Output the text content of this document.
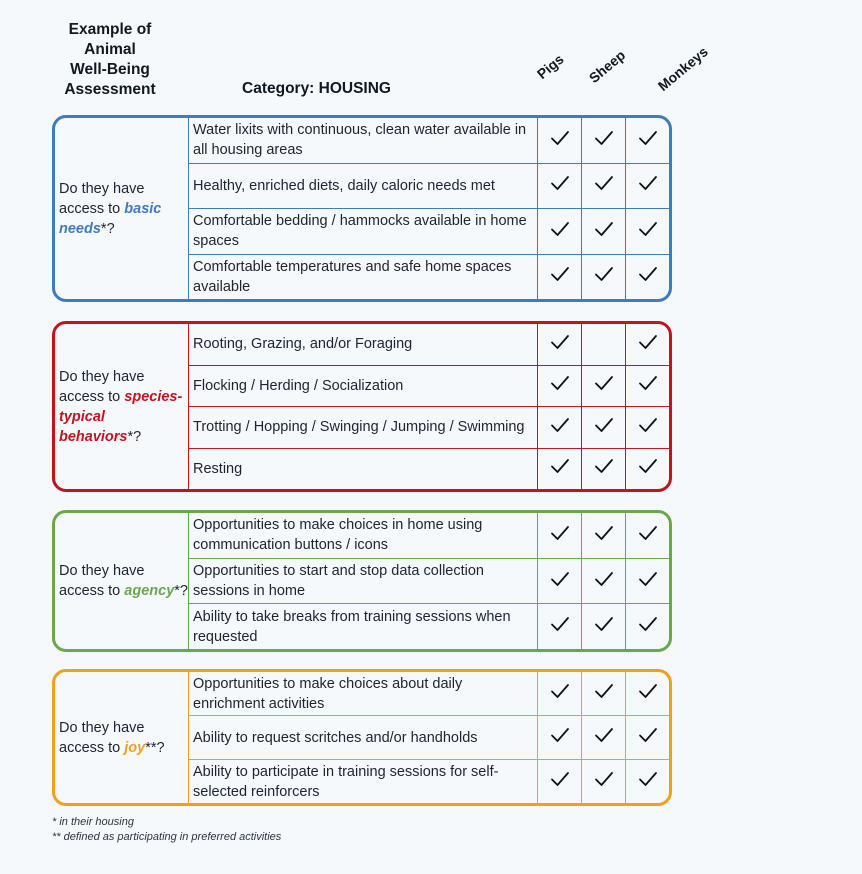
Example of
Animal
Well-Being
Assessment	Category: HOUSING
Pigs Sheep Monkeys
Do they have access to basic needs*?
Water lixits with continuous, clean water available in all housing areas
Healthy, enriched diets, daily caloric needs met
Comfortable bedding / hammocks available in home spaces
Comfortable temperatures and safe home spaces available
Do they have access to species-typical behaviors*?
Rooting, Grazing, and/or Foraging
Flocking / Herding / Socialization
Trotting / Hopping / Swinging / Jumping / Swimming
Resting
Do they have access to agency*?
Opportunities to make choices in home using communication buttons / icons
Opportunities to start and stop data collection sessions in home
Ability to take breaks from training sessions when requested
Do they have access to joy**?
Opportunities to make choices about daily enrichment activities
Ability to request scritches and/or handholds
Ability to participate in training sessions for self-selected reinforcers
* in their housing
** defined as participating in preferred activities
